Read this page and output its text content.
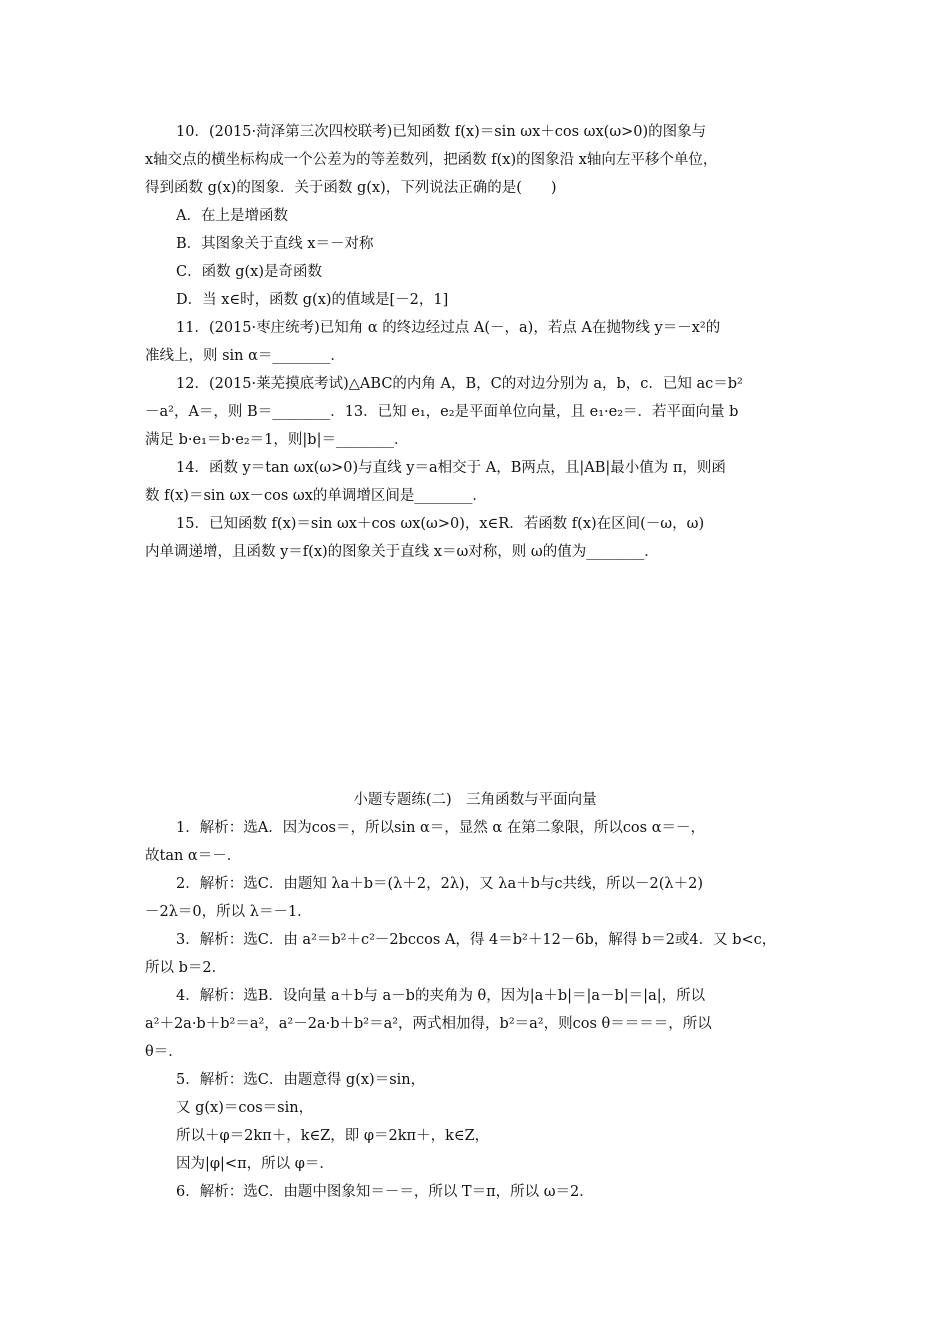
10．(2015·菏泽第三次四校联考)已知函数 f(x)＝sin ωx＋cos ωx(ω>0)的图象与
x轴交点的横坐标构成一个公差为的等差数列，把函数 f(x)的图象沿 x轴向左平移个单位，
得到函数 g(x)的图象．关于函数 g(x)，下列说法正确的是(　　)
A．在上是增函数
B．其图象关于直线 x＝－对称
C．函数 g(x)是奇函数
D．当 x∈时，函数 g(x)的值域是[－2，1]
11．(2015·枣庄统考)已知角 α 的终边经过点 A(－，a)，若点 A在抛物线 y＝－x²的
准线上，则 sin α＝________．
12．(2015·莱芜摸底考试)△ABC的内角 A，B，C的对边分别为 a，b，c．已知 ac＝b²
－a²，A＝，则 B＝________．13．已知 e₁，e₂是平面单位向量，且 e₁·e₂＝．若平面向量 b
满足 b·e₁＝b·e₂＝1，则|b|＝________．
14．函数 y＝tan ωx(ω>0)与直线 y＝a相交于 A，B两点，且|AB|最小值为 π，则函
数 f(x)＝sin ωx－cos ωx的单调增区间是________．
15．已知函数 f(x)＝sin ωx＋cos ωx(ω>0)，x∈R．若函数 f(x)在区间(－ω，ω)
内单调递增，且函数 y＝f(x)的图象关于直线 x＝ω对称，则 ω的值为________．
小题专题练(二)　三角函数与平面向量
1．解析：选A．因为cos＝，所以sin α＝，显然 α 在第二象限，所以cos α＝－，
故tan α＝－．
2．解析：选C．由题知 λa＋b＝(λ＋2，2λ)，又 λa＋b与c共线，所以－2(λ＋2)
－2λ＝0，所以 λ＝－1．
3．解析：选C．由 a²＝b²＋c²－2bccos A，得 4＝b²＋12－6b，解得 b＝2或4．又 b<c，
所以 b＝2．
4．解析：选B．设向量 a＋b与 a－b的夹角为 θ，因为|a＋b|＝|a－b|＝|a|，所以
a²＋2a·b＋b²＝a²，a²－2a·b＋b²＝a²，两式相加得，b²＝a²，则cos θ＝＝＝＝，所以
θ＝．
5．解析：选C．由题意得 g(x)＝sin，
又 g(x)＝cos＝sin，
所以＋φ＝2kπ＋，k∈Z，即 φ＝2kπ＋，k∈Z，
因为|φ|<π，所以 φ＝．
6．解析：选C．由题中图象知＝－＝，所以 T＝π，所以 ω＝2．
